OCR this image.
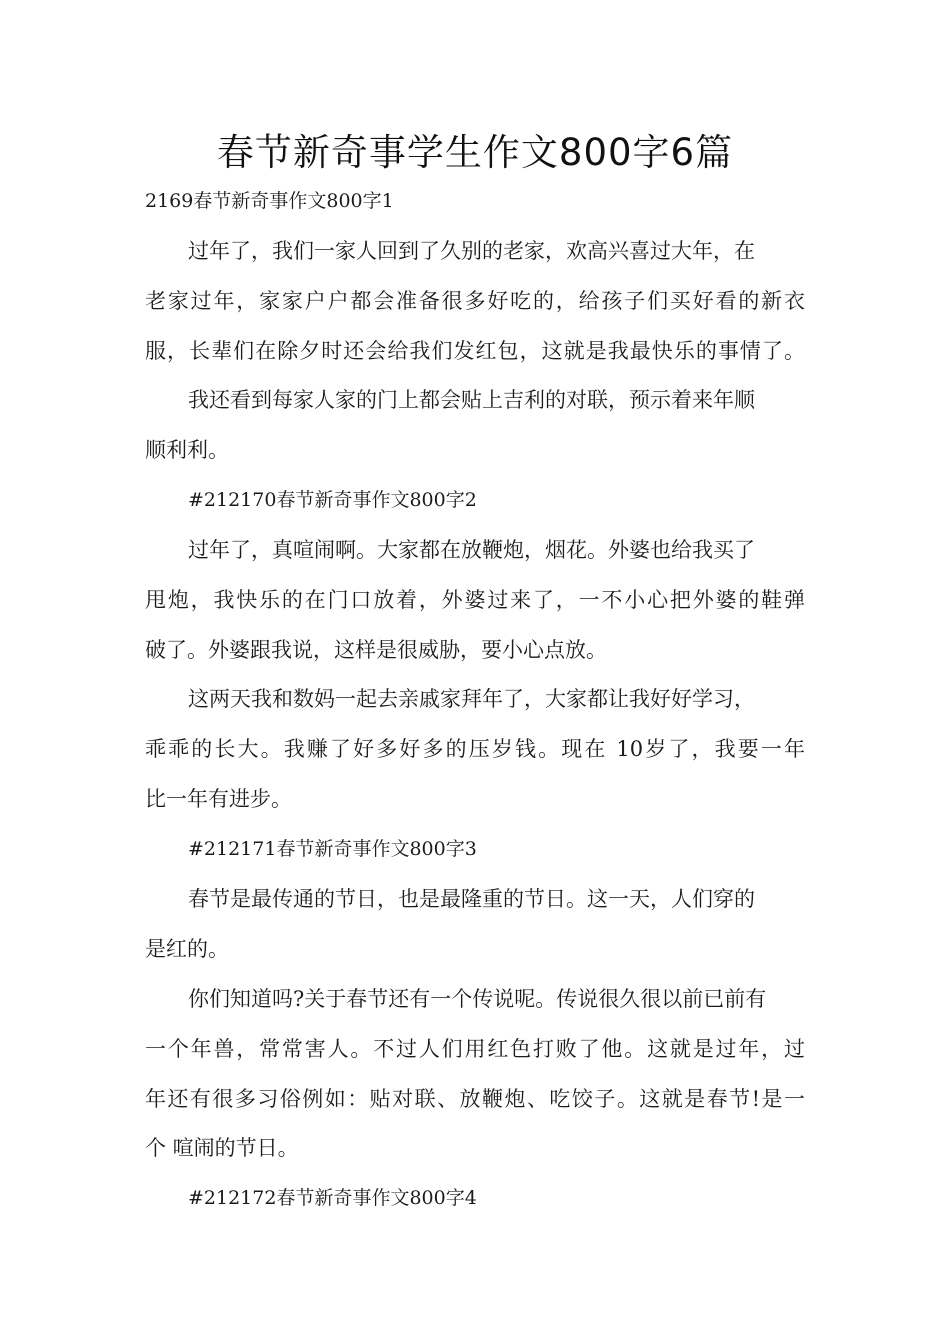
春节新奇事学生作文800字6篇
2169春节新奇事作文800字1
过年了，我们一家人回到了久别的老家，欢高兴喜过大年，在
老家过年，家家户户都会准备很多好吃的，给孩子们买好看的新衣
服，长辈们在除夕时还会给我们发红包，这就是我最快乐的事情了。
我还看到每家人家的门上都会贴上吉利的对联，预示着来年顺
顺利利。
#212170春节新奇事作文800字2
过年了，真喧闹啊。大家都在放鞭炮，烟花。外婆也给我买了
甩炮，我快乐的在门口放着，外婆过来了，一不小心把外婆的鞋弹
破了。外婆跟我说，这样是很威胁，要小心点放。
这两天我和数妈一起去亲戚家拜年了，大家都让我好好学习，
乖乖的长大。我赚了好多好多的压岁钱。现在 10岁了，我要一年
比一年有进步。
#212171春节新奇事作文800字3
春节是最传通的节日，也是最隆重的节日。这一天，人们穿的
是红的。
你们知道吗?关于春节还有一个传说呢。传说很久很以前已前有
一个年兽，常常害人。不过人们用红色打败了他。这就是过年，过
年还有很多习俗例如：贴对联、放鞭炮、吃饺子。这就是春节!是一
个 喧闹的节日。
#212172春节新奇事作文800字4
